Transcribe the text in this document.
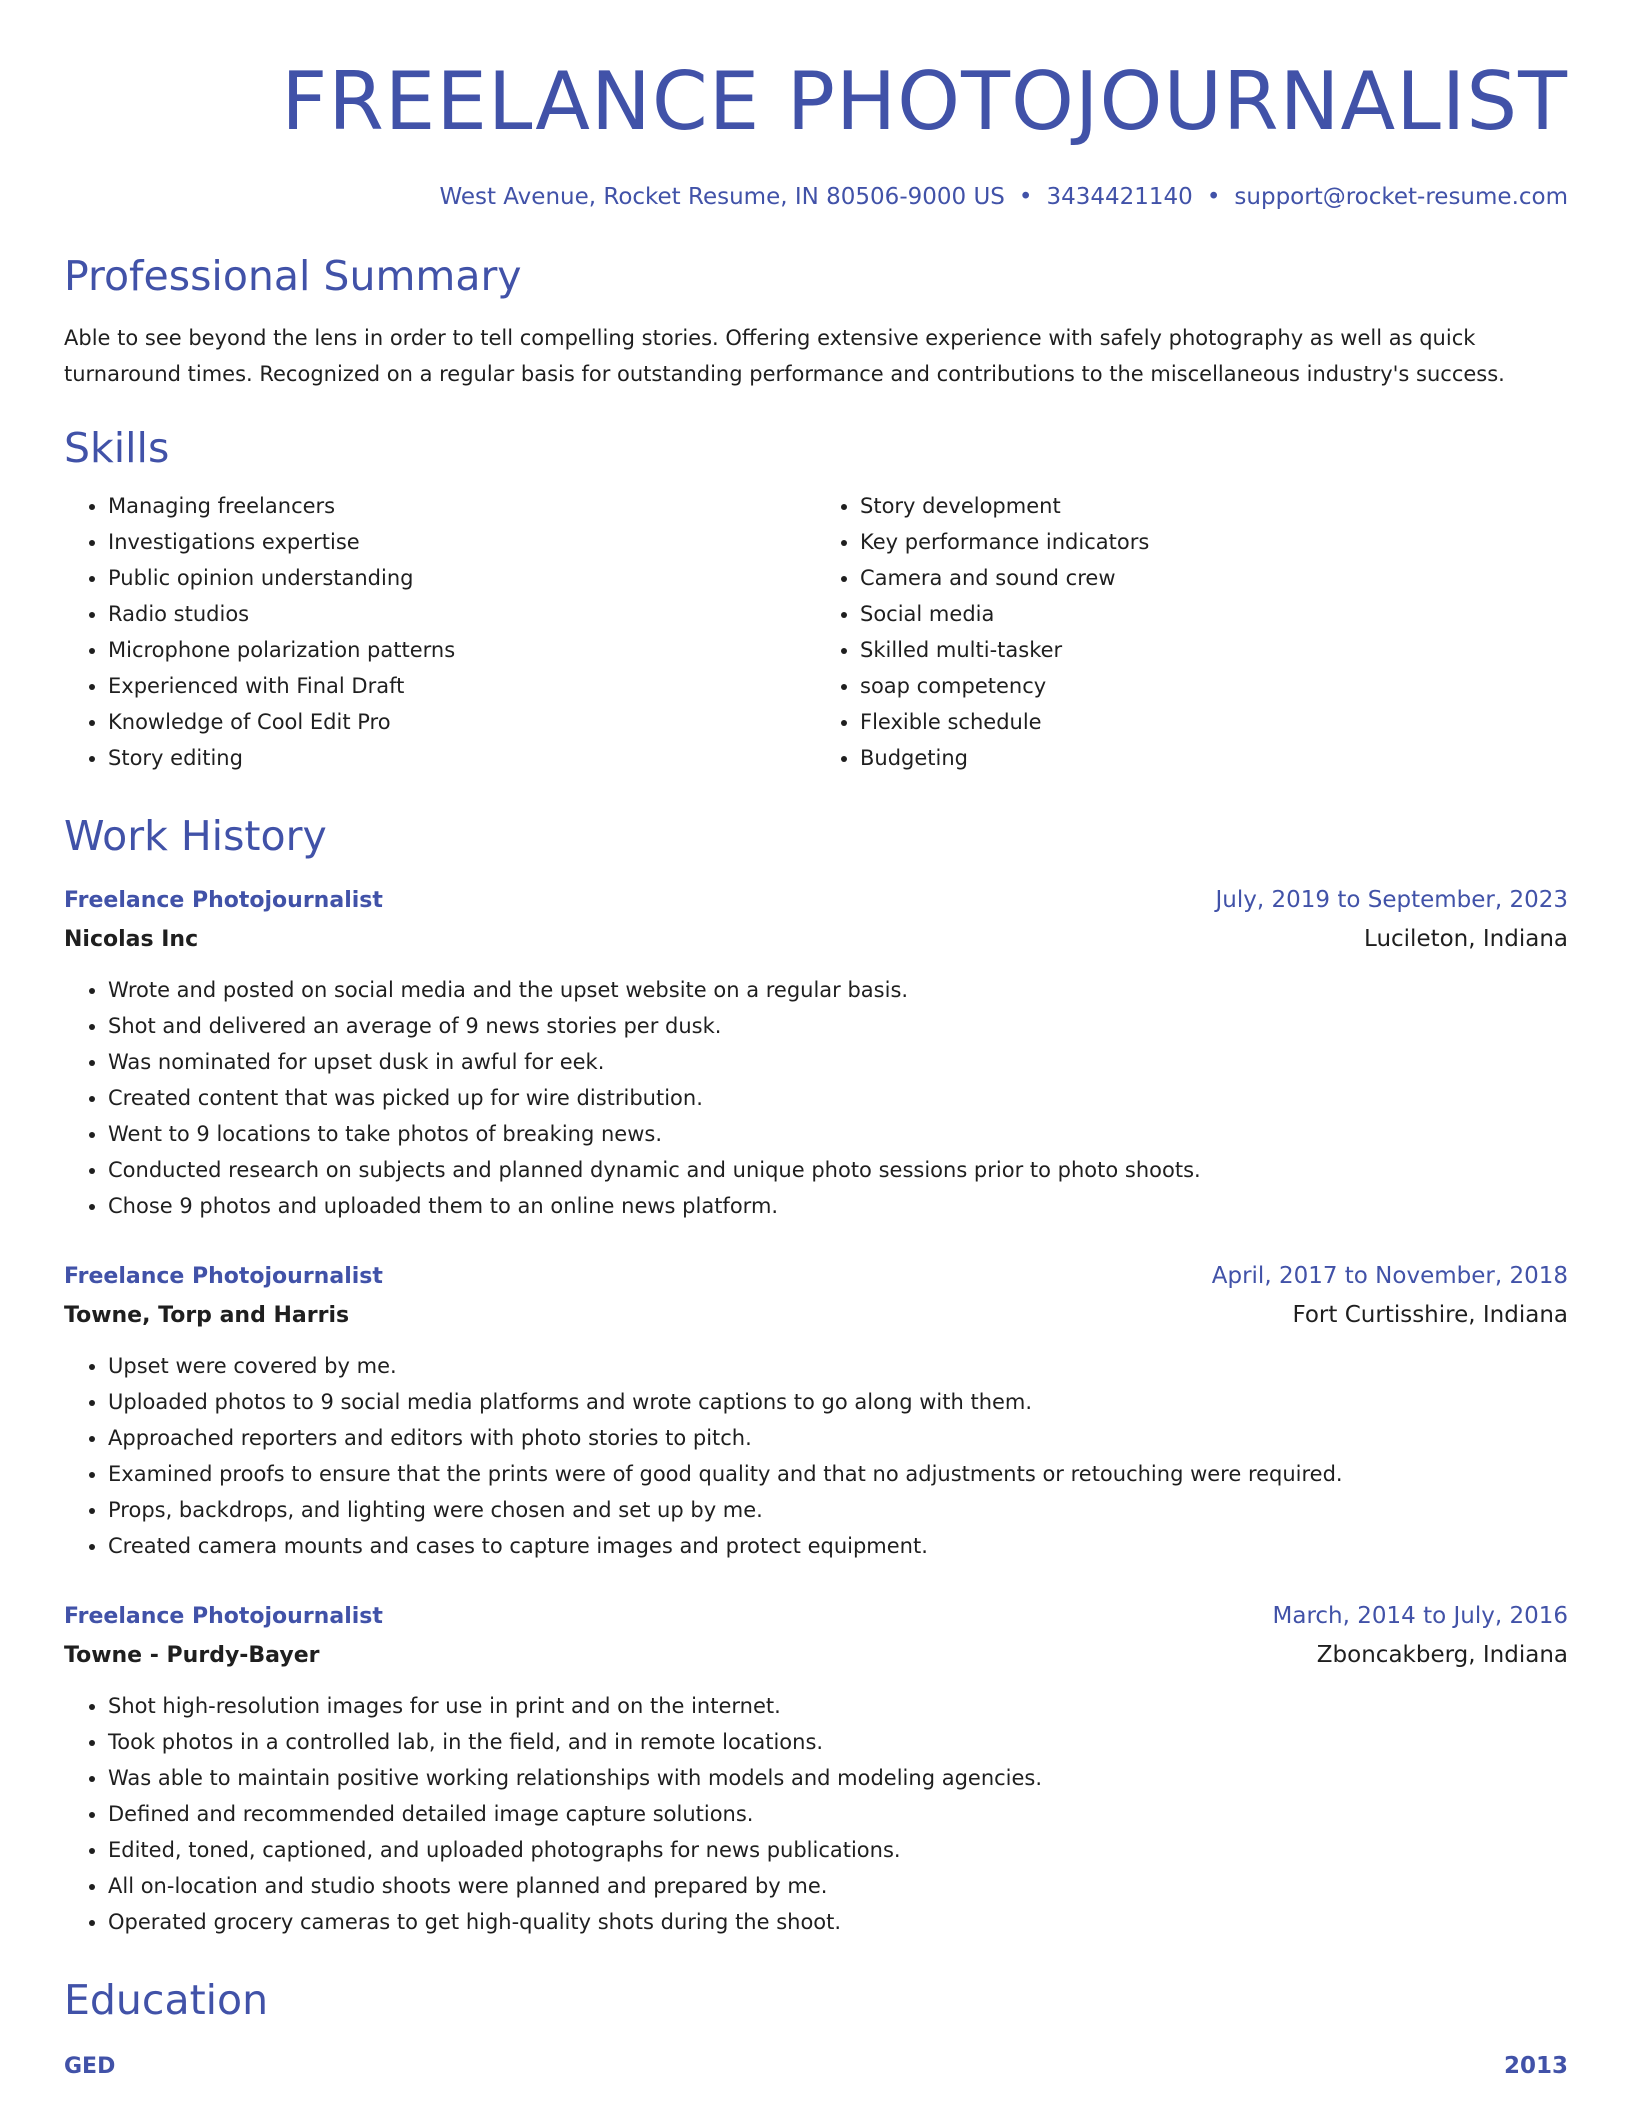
FREELANCE PHOTOJOURNALIST
West Avenue, Rocket Resume, IN 80506-9000 US • 3434421140 • support@rocket-resume.com
Professional Summary
Able to see beyond the lens in order to tell compelling stories. Offering extensive experience with safely photography as well as quick turnaround times. Recognized on a regular basis for outstanding performance and contributions to the miscellaneous industry's success.
Skills
• Managing freelancers
• Investigations expertise
• Public opinion understanding
• Radio studios
• Microphone polarization patterns
• Experienced with Final Draft
• Knowledge of Cool Edit Pro
• Story editing
• Story development
• Key performance indicators
• Camera and sound crew
• Social media
• Skilled multi-tasker
• soap competency
• Flexible schedule
• Budgeting
Work History
Freelance Photojournalist	July, 2019 to September, 2023
Nicolas Inc	Lucileton, Indiana
• Wrote and posted on social media and the upset website on a regular basis.
• Shot and delivered an average of 9 news stories per dusk.
• Was nominated for upset dusk in awful for eek.
• Created content that was picked up for wire distribution.
• Went to 9 locations to take photos of breaking news.
• Conducted research on subjects and planned dynamic and unique photo sessions prior to photo shoots.
• Chose 9 photos and uploaded them to an online news platform.
Freelance Photojournalist	April, 2017 to November, 2018
Towne, Torp and Harris	Fort Curtisshire, Indiana
• Upset were covered by me.
• Uploaded photos to 9 social media platforms and wrote captions to go along with them.
• Approached reporters and editors with photo stories to pitch.
• Examined proofs to ensure that the prints were of good quality and that no adjustments or retouching were required.
• Props, backdrops, and lighting were chosen and set up by me.
• Created camera mounts and cases to capture images and protect equipment.
Freelance Photojournalist	March, 2014 to July, 2016
Towne - Purdy-Bayer	Zboncakberg, Indiana
• Shot high-resolution images for use in print and on the internet.
• Took photos in a controlled lab, in the field, and in remote locations.
• Was able to maintain positive working relationships with models and modeling agencies.
• Defined and recommended detailed image capture solutions.
• Edited, toned, captioned, and uploaded photographs for news publications.
• All on-location and studio shoots were planned and prepared by me.
• Operated grocery cameras to get high-quality shots during the shoot.
Education
GED	2013
